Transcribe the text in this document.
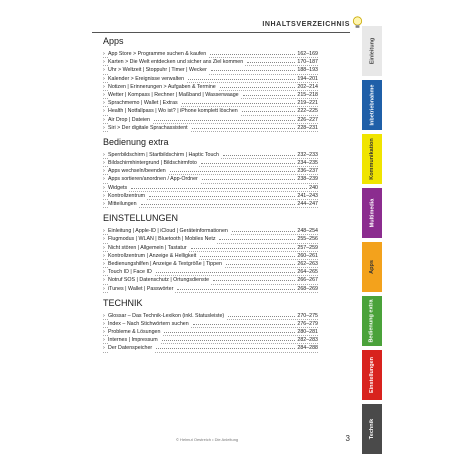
INHALTSVERZEICHNIS
Apps
› App Store > Programme suchen & kaufen	162–169
› Karten > Die Welt entdecken und sicher ans Ziel kommen	170–187
› Uhr > Weltzeit | Stoppuhr | Timer | Wecker	188–193
› Kalender > Ereignisse verwalten	194–201
› Notizen | Erinnerungen > Aufgaben & Termine	202–214
› Wetter | Kompass | Rechner | Maßband | Wasserwaage	215–218
› Sprachmemo | Wallet | Extras	219–221
› Health | Notfallpass | Wo ist? | iPhone komplett löschen	222–225
› Air Drop | Dateien	226–227
› Siri > Der digitale Sprachassistent	228–231
Bedienung extra
› Sperrbildschirm | Startbildschirm | Haptic Touch	232–233
› Bildschirmhintergrund | Bildschirmfoto	234–235
› Apps wechseln/beenden	236–237
› Apps sortieren/anordnen / App-Ordner	238–239
› Widgets	240
› Kontrollzentrum	241–243
› Mitteilungen	244–247
EINSTELLUNGEN
› Einleitung | Apple-ID | iCloud | Geräteinformationen	248–254
› Flugmodus | WLAN | Bluetooth | Mobiles Netz	255–256
› Nicht stören | Allgemein | Tastatur	257–259
› Kontrollzentrum | Anzeige & Helligkeit	260–261
› Bedienungshilfen | Anzeige & Textgröße | Tippen	262–263
› Touch ID | Face ID	264–265
› Notruf SOS | Datenschutz | Ortungsdienste	266–267
› iTunes | Wallet | Passwörter	268–269
TECHNIK
› Glossar – Das Technik-Lexikon (inkl. Statusleiste)	270–275
› Index – Nach Stichwörtern suchen	276–279
› Probleme & Lösungen	280–281
› Internes | Impressum	282–283
› Der Datenspeicher	284–288
© Helmut Oestreich • Die Anleitung	3
Einleitung
Inbetriebnahme
Kommunikation
Multimedia
Apps
Bedienung extra
Einstellungen
Technik
